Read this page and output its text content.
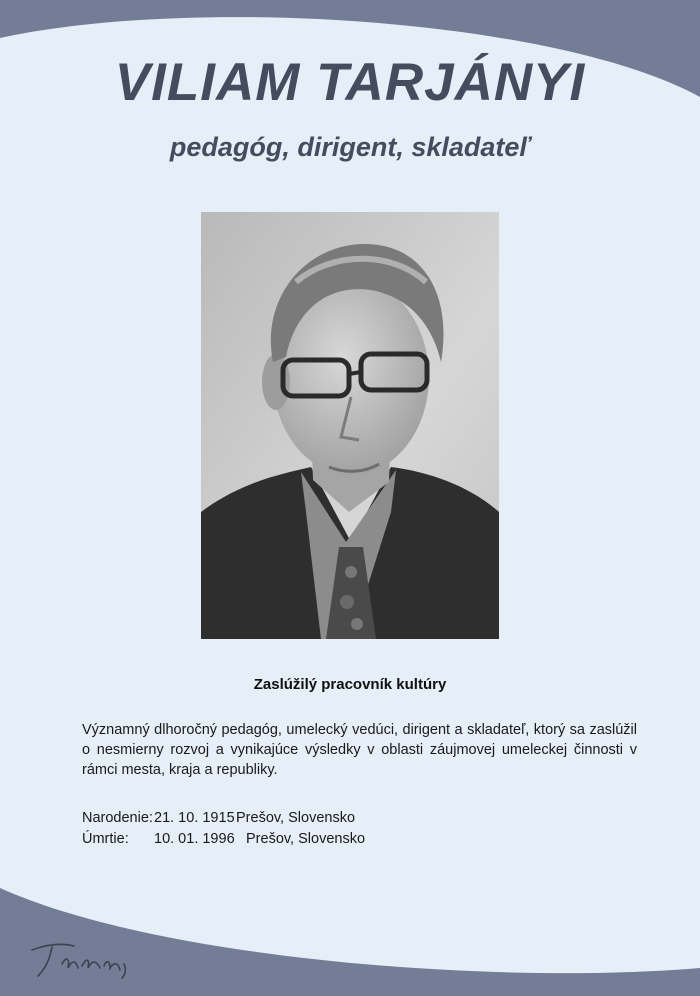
VILIAM TARJÁNYI
pedagóg, dirigent, skladateľ
Zaslúžilý pracovník kultúry

Významný dlhoročný pedagóg, umelecký vedúci, dirigent a skladateľ, ktorý sa zaslúžil o nesmierny rozvoj a vynikajúce výsledky v oblasti záujmovej umeleckej činnosti v rámci mesta, kraja a republiky.

Narodenie:21. 10. 1915Prešov, Slovensko
Úmrtie: 10. 01. 1996 Prešov, Slovensko
